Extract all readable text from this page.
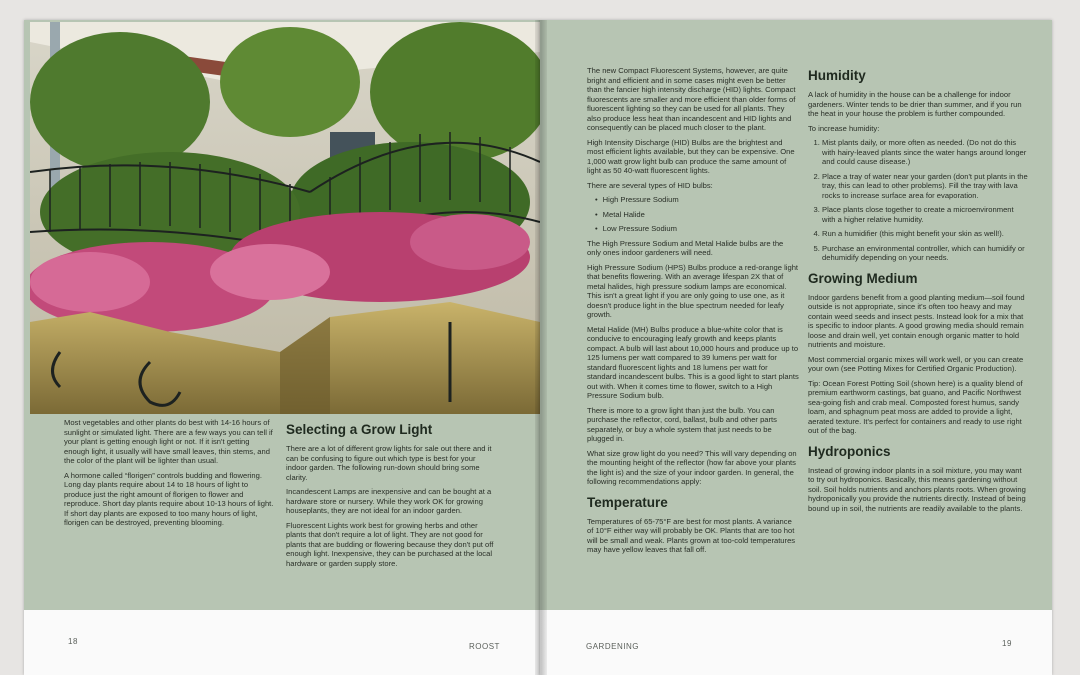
Most vegetables and other plants do best with 14-16 hours of sunlight or simulated light. There are a few ways you can tell if your plant is getting enough light or not. If it isn't getting enough light, it usually will have small leaves, thin stems, and the color of the plant will be lighter than usual.

A hormone called “florigen” controls budding and flowering. Long day plants require about 14 to 18 hours of light to produce just the right amount of florigen to flower and reproduce. Short day plants require about 10-13 hours of light. If short day plants are exposed to too many hours of light, florigen can be destroyed, preventing blooming.

Selecting a Grow Light

There are a lot of different grow lights for sale out there and it can be confusing to figure out which type is best for your indoor garden. The following run-down should bring some clarity.

Incandescent Lamps are inexpensive and can be bought at a hardware store or nursery. While they work OK for growing houseplants, they are not ideal for an indoor garden.

Fluorescent Lights work best for growing herbs and other plants that don't require a lot of light. They are not good for plants that are budding or flowering because they don't put off enough light. Inexpensive, they can be purchased at the local hardware or garden supply store.

18
ROOST

The new Compact Fluorescent Systems, however, are quite bright and efficient and in some cases might even be better than the fancier high intensity discharge (HID) lights. Compact fluorescents are smaller and more efficient than older forms of fluorescent lighting so they can be used for all plants. They also produce less heat than incandescent and HID lights and consequently can be placed much closer to the plant.

High Intensity Discharge (HID) Bulbs are the brightest and most efficient lights available, but they can be expensive. One 1,000 watt grow light bulb can produce the same amount of light as 50 40-watt fluorescent lights.

There are several types of HID bulbs:

• High Pressure Sodium
• Metal Halide
• Low Pressure Sodium

The High Pressure Sodium and Metal Halide bulbs are the only ones indoor gardeners will need.

High Pressure Sodium (HPS) Bulbs produce a red-orange light that benefits flowering. With an average lifespan 2X that of metal halides, high pressure sodium lamps are economical. This isn't a great light if you are only going to use one, as it doesn't produce light in the blue spectrum needed for leafy growth.

Metal Halide (MH) Bulbs produce a blue-white color that is conducive to encouraging leafy growth and keeps plants compact. A bulb will last about 10,000 hours and produce up to 125 lumens per watt compared to 39 lumens per watt for standard fluorescent lights and 18 lumens per watt for standard incandescent bulbs. This is a good light to start plants out with. When it comes time to flower, switch to a High Pressure Sodium bulb.

There is more to a grow light than just the bulb. You can purchase the reflector, cord, ballast, bulb and other parts separately, or buy a whole system that just needs to be plugged in.

What size grow light do you need? This will vary depending on the mounting height of the reflector (how far above your plants the light is) and the size of your indoor garden. In general, the following recommendations apply:

Temperature

Temperatures of 65-75°F are best for most plants. A variance of 10°F either way will probably be OK. Plants that are too hot will be small and weak. Plants grown at too-cold temperatures may have yellow leaves that fall off.

Humidity

A lack of humidity in the house can be a challenge for indoor gardeners. Winter tends to be drier than summer, and if you run the heat in your house the problem is further compounded.

To increase humidity:

1. Mist plants daily, or more often as needed. (Do not do this with hairy-leaved plants since the water hangs around longer and could cause disease.)
2. Place a tray of water near your garden (don't put plants in the tray, this can lead to other problems). Fill the tray with lava rocks to increase surface area for evaporation.
3. Place plants close together to create a microenvironment with a higher relative humidity.
4. Run a humidifier (this might benefit your skin as well!).
5. Purchase an environmental controller, which can humidify or dehumidify depending on your needs.
Growing Medium

Indoor gardens benefit from a good planting medium—soil found outside is not appropriate, since it's often too heavy and may contain weed seeds and insect pests. Instead look for a mix that is specific to indoor plants. A good growing media should remain loose and drain well, yet contain enough organic matter to hold nutrients and moisture.

Most commercial organic mixes will work well, or you can create your own (see Potting Mixes for Certified Organic Production).

Tip: Ocean Forest Potting Soil (shown here) is a quality blend of premium earthworm castings, bat guano, and Pacific Northwest sea-going fish and crab meal. Composted forest humus, sandy loam, and sphagnum peat moss are added to provide a light, aerated texture. It's perfect for containers and ready to use right out of the bag.

Hydroponics

Instead of growing indoor plants in a soil mixture, you may want to try out hydroponics. Basically, this means gardening without soil. Soil holds nutrients and anchors plants roots. When growing hydroponically you provide the nutrients directly. Instead of being bound up in soil, the nutrients are readily available to the plants.

GARDENING	19
